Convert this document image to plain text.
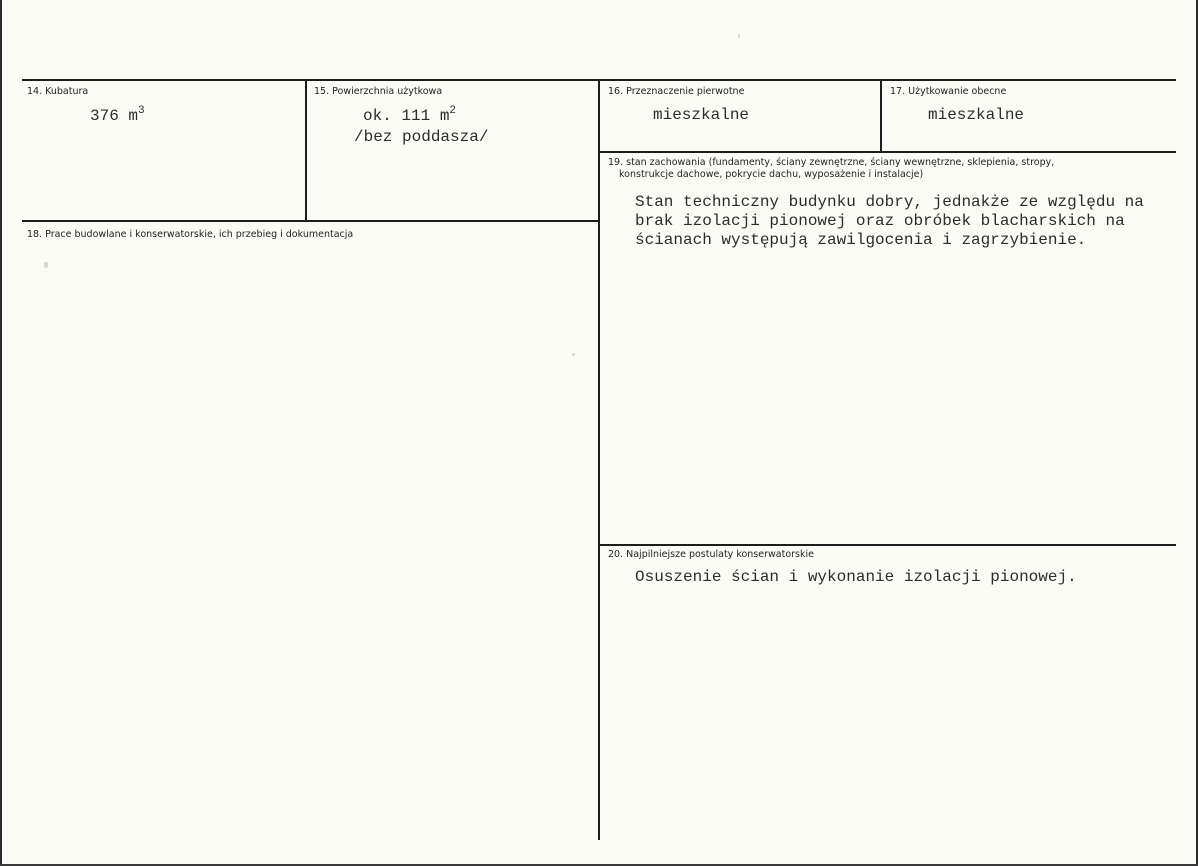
14. Kubatura
376 $m^3$
15. Powierzchnia użytkowa
ok. 111 $m^2$
/bez poddasza/
16. Przeznaczenie pierwotne
mieszkalne
17. Użytkowanie obecne
mieszkalne
18. Prace budowlane i konserwatorskie, ich przebieg i dokumentacja
19. stan zachowania (fundamenty, ściany zewnętrzne, ściany wewnętrzne, sklepienia, stropy,
konstrukcje dachowe, pokrycie dachu, wyposażenie i instalacje)
Stan techniczny budynku dobry, jednakże ze względu na
brak izolacji pionowej oraz obróbek blacharskich na
ścianach występują zawilgocenia i zagrzybienie.
20. Najpilniejsze postulaty konserwatorskie
Osuszenie ścian i wykonanie izolacji pionowej.
